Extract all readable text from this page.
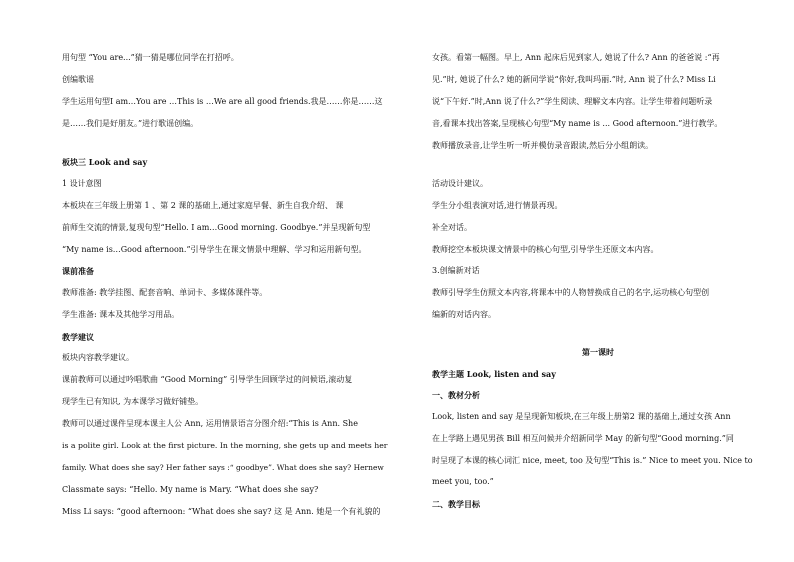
用句型 “You are...”猜一猜是哪位同学在打招呼。
创编歌谣
学生运用句型I am…You are …This is …We are all good friends.我是……你是……这
是……我们是好朋友。”进行歌谣创编。
板块三 Look and say
1 设计意图
本板块在三年级上册第 1 、第 2 课的基础上,通过家庭早餐、新生自我介绍、 课
前师生交流的情景,复现句型“Hello. I am…Good morning. Goodbye.”并呈现新句型
“My name is…Good afternoon.”引导学生在课文情景中理解、学习和运用新句型。
课前准备
教师准备: 教学挂图、配套音响、单词卡、多媒体课件等。
学生准备: 课本及其他学习用品。
教学建议
板块内容教学建议。
课前教师可以通过吟唱歌曲 “Good Morning” 引导学生回顾学过的问候语,滚动复
现学生已有知识, 为本课学习做好铺垫。
教师可以通过课件呈现本课主人公 Ann, 运用情景语言分图介绍:“This is Ann. She
is a polite girl. Look at the first picture. In the morning, she gets up and meets her
family. What does she say? Her father says :“ goodbye”. What does she say? Hernew
Classmate says: “Hello. My name is Mary. “What does she say?
Miss Li says: “good afternoon: “What does she say? 这 是 Ann. 她是一个有礼貌的
女孩。看第一幅图。早上, Ann 起床后见到家人, 她说了什么? Ann 的爸爸说 :“再
见.”时, 她说了什么? 她的新同学说“你好,我叫玛丽.”时, Ann 说了什么? Miss Li
说“下午好.”时,Ann 说了什么?”学生阅读、理解文本内容。让学生带着问题听录
音,看课本找出答案,呈现核心句型“My name is ... Good afternoon.”进行教学。
教师播放录音,让学生听一听并模仿录音跟读,然后分小组朗读。
活动设计建议。
学生分小组表演对话,进行情景再现。
补全对话。
教师挖空本板块课文情景中的核心句型,引导学生还原文本内容。
3.创编新对话
教师引导学生仿照文本内容,将课本中的人物替换成自己的名字,运功核心句型创
编新的对话内容。
第一课时
教学主题 Look, listen and say
一、教材分析
Look, listen and say 是呈现新知板块,在三年级上册第2 课的基础上,通过女孩 Ann
在上学路上遇见男孩 Bill 相互问候并介绍新同学 May 的新句型“Good morning.”同
时呈现了本课的核心词汇 nice, meet, too 及句型“This is.” Nice to meet you. Nice to
meet you, too.”
二、教学目标
